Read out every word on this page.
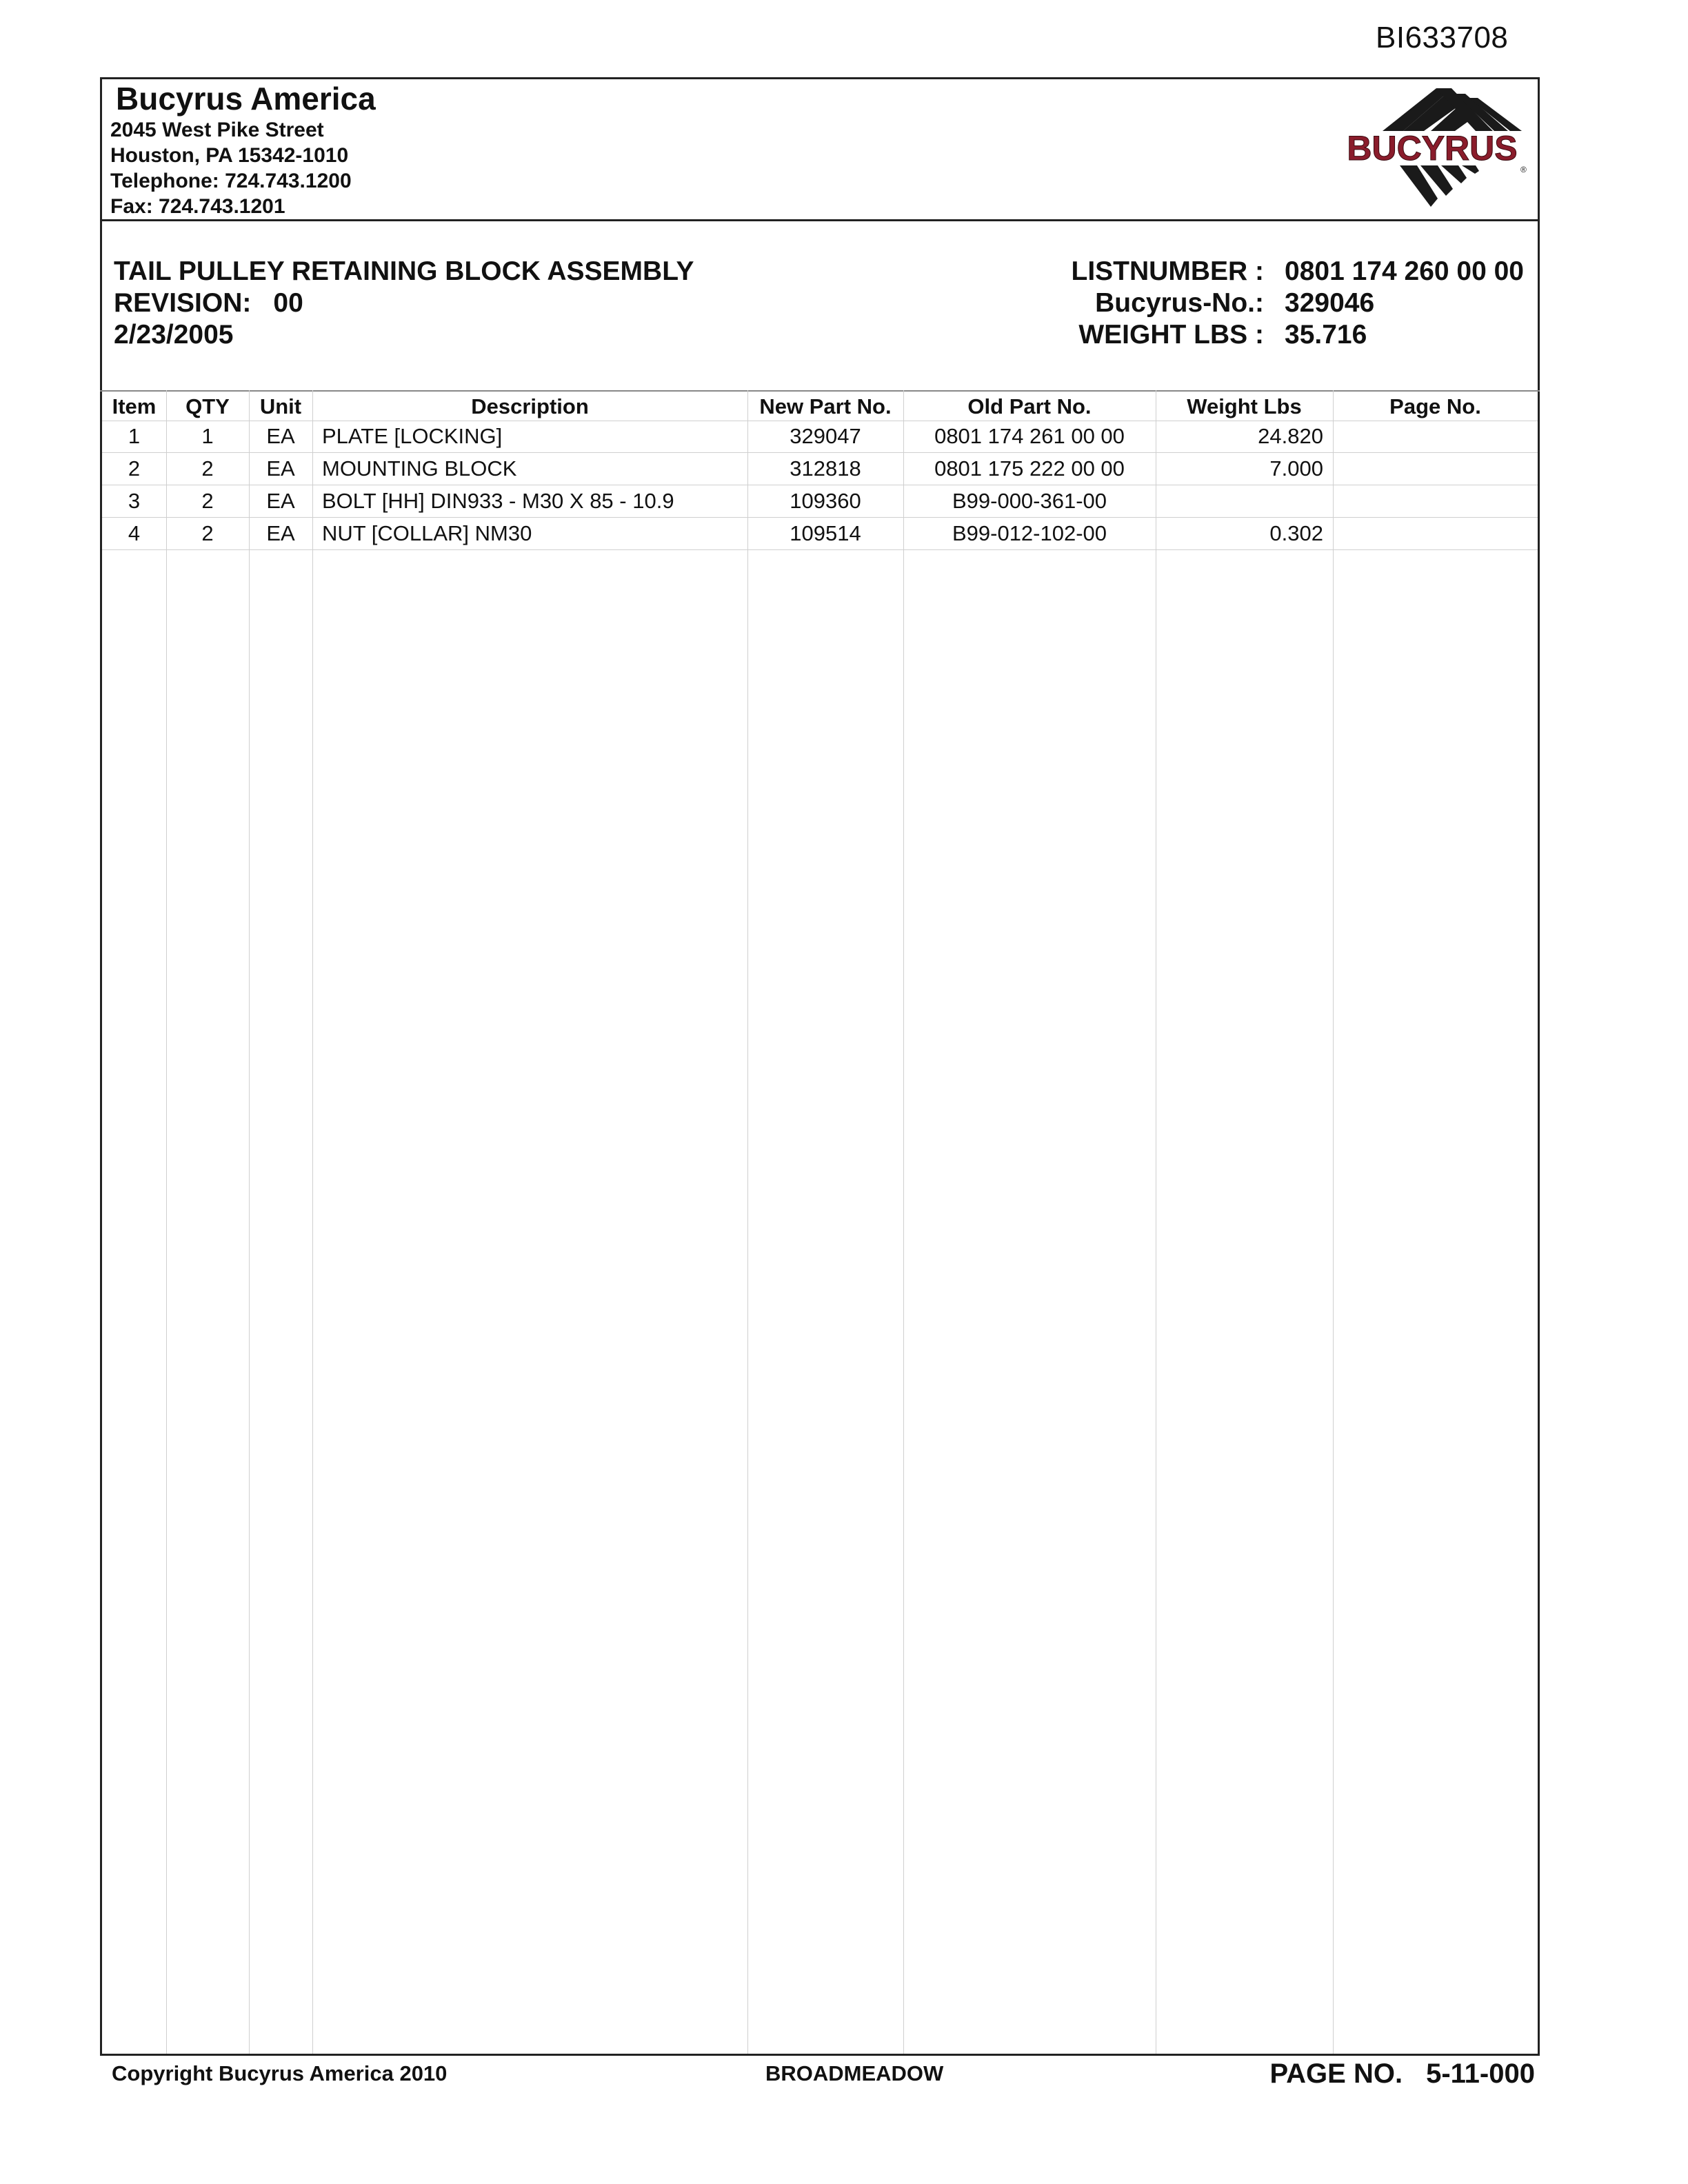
BI633708
Bucyrus America
2045 West Pike Street
Houston, PA 15342-1010
Telephone: 724.743.1200
Fax: 724.743.1201
BUCYRUS
®
TAIL PULLEY RETAINING BLOCK ASSEMBLY
REVISION: 00
2/23/2005
LISTNUMBER : 0801 174 260 00 00
Bucyrus-No.: 329046
WEIGHT LBS : 35.716
Item	QTY	Unit	Description	New Part No.	Old Part No.	Weight Lbs	Page No.
1	1	EA	PLATE [LOCKING]	329047	0801 174 261 00 00	24.820
2	2	EA	MOUNTING BLOCK	312818	0801 175 222 00 00	7.000
3	2	EA	BOLT [HH] DIN933 - M30 X 85 - 10.9	109360	B99-000-361-00
4	2	EA	NUT [COLLAR] NM30	109514	B99-012-102-00	0.302
Copyright Bucyrus America 2010	BROADMEADOW	PAGE NO. 5-11-000
